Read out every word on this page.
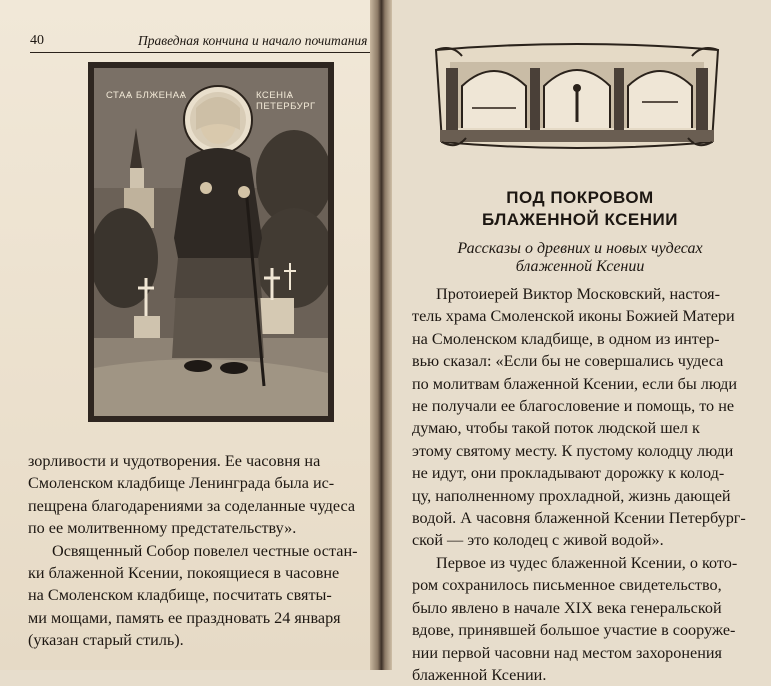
40	Праведная кончина и начало почитания
СТАѦ БЛЖЕНАѦ	КСЕНІѦ ПЕТЕРБУРГ

зорливости и чудотворения. Ее часовня на
Смоленском кладбище Ленинграда была ис-
пещрена благодарениями за соделанные чудеса
по ее молитвенному предстательству».

Освященный Собор повелел честные остан-
ки блаженной Ксении, покоящиеся в часовне
на Смоленском кладбище, посчитать святы-
ми мощами, память ее праздновать 24 января
(указан старый стиль).

ПОД ПОКРОВОМ
БЛАЖЕННОЙ КСЕНИИ
Рассказы о древних и новых чудесах
блаженной Ксении

Протоиерей Виктор Московский, настоя-
тель храма Смоленской иконы Божией Матери
на Смоленском кладбище, в одном из интер-
вью сказал: «Если бы не совершались чудеса
по молитвам блаженной Ксении, если бы люди
не получали ее благословение и помощь, то не
думаю, чтобы такой поток людской шел к
этому святому месту. К пустому колодцу люди
не идут, они прокладывают дорожку к колод-
цу, наполненному прохладной, жизнь дающей
водой. А часовня блаженной Ксении Петербург-
ской — это колодец с живой водой».

Первое из чудес блаженной Ксении, о кото-
ром сохранилось письменное свидетельство,
было явлено в начале XIX века генеральской
вдове, принявшей большое участие в сооруже-
нии первой часовни над местом захоронения
блаженной Ксении.
